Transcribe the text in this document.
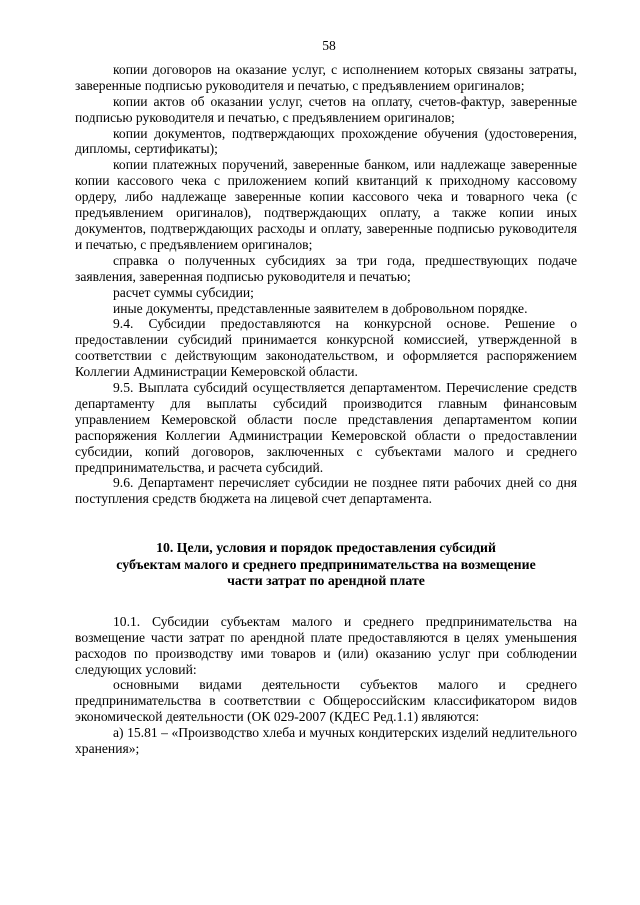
58

копии договоров на оказание услуг, с исполнением которых связаны затраты, заверенные подписью руководителя и печатью, с предъявлением оригиналов;

копии актов об оказании услуг, счетов на оплату, счетов-фактур, заверенные подписью руководителя и печатью, с предъявлением оригиналов;

копии документов, подтверждающих прохождение обучения (удостоверения, дипломы, сертификаты);

копии платежных поручений, заверенные банком, или надлежаще заверенные копии кассового чека с приложением копий квитанций к приходному кассовому ордеру, либо надлежаще заверенные копии кассового чека и товарного чека (с предъявлением оригиналов), подтверждающих оплату, а также копии иных документов, подтверждающих расходы и оплату, заверенные подписью руководителя и печатью, с предъявлением оригиналов;

справка о полученных субсидиях за три года, предшествующих подаче заявления, заверенная подписью руководителя и печатью;

расчет суммы субсидии;

иные документы, представленные заявителем в добровольном порядке.

9.4. Субсидии предоставляются на конкурсной основе. Решение о предоставлении субсидий принимается конкурсной комиссией, утвержденной в соответствии с действующим законодательством, и оформляется распоряжением Коллегии Администрации Кемеровской области.

9.5. Выплата субсидий осуществляется департаментом. Перечисление средств департаменту для выплаты субсидий производится главным финансовым управлением Кемеровской области после представления департаментом копии распоряжения Коллегии Администрации Кемеровской области о предоставлении субсидии, копий договоров, заключенных с субъектами малого и среднего предпринимательства, и расчета субсидий.

9.6. Департамент перечисляет субсидии не позднее пяти рабочих дней со дня поступления средств бюджета на лицевой счет департамента.

10. Цели, условия и порядок предоставления субсидий
субъектам малого и среднего предпринимательства на возмещение
части затрат по арендной плате

10.1. Субсидии субъектам малого и среднего предпринимательства на возмещение части затрат по арендной плате предоставляются в целях уменьшения расходов по производству ими товаров и (или) оказанию услуг при соблюдении следующих условий:

основными видами деятельности субъектов малого и среднего предпринимательства в соответствии с Общероссийским классификатором видов экономической деятельности (ОК 029-2007 (КДЕС Ред.1.1) являются:

а) 15.81 – «Производство хлеба и мучных кондитерских изделий недлительного хранения»;
